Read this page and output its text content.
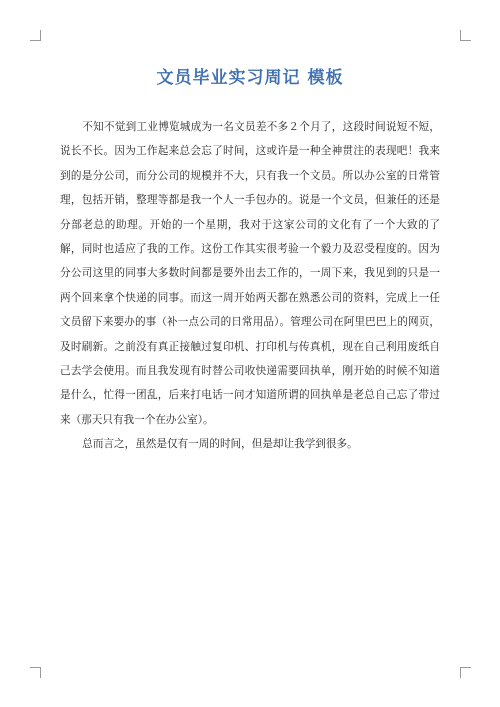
文员毕业实习周记 模板

不知不觉到工业博览城成为一名文员差不多２个月了，这段时间说短不短，说长不长。因为工作起来总会忘了时间，这或许是一种全神贯注的表现吧！我来到的是分公司，而分公司的规模并不大，只有我一个文员。所以办公室的日常管理，包括开销，整理等都是我一个人一手包办的。说是一个文员，但兼任的还是分部老总的助理。开始的一个星期，我对于这家公司的文化有了一个大致的了解，同时也适应了我的工作。这份工作其实很考验一个毅力及忍受程度的。因为分公司这里的同事大多数时间都是要外出去工作的，一周下来，我见到的只是一两个回来拿个快递的同事。而这一周开始两天都在熟悉公司的资料，完成上一任文员留下来要办的事（补一点公司的日常用品）。管理公司在阿里巴巴上的网页，及时刷新。之前没有真正接触过复印机、打印机与传真机，现在自己利用废纸自己去学会使用。而且我发现有时替公司收快递需要回执单，刚开始的时候不知道是什么，忙得一团乱，后来打电话一问才知道所谓的回执单是老总自己忘了带过来（那天只有我一个在办公室）。

总而言之，虽然是仅有一周的时间，但是却让我学到很多。
